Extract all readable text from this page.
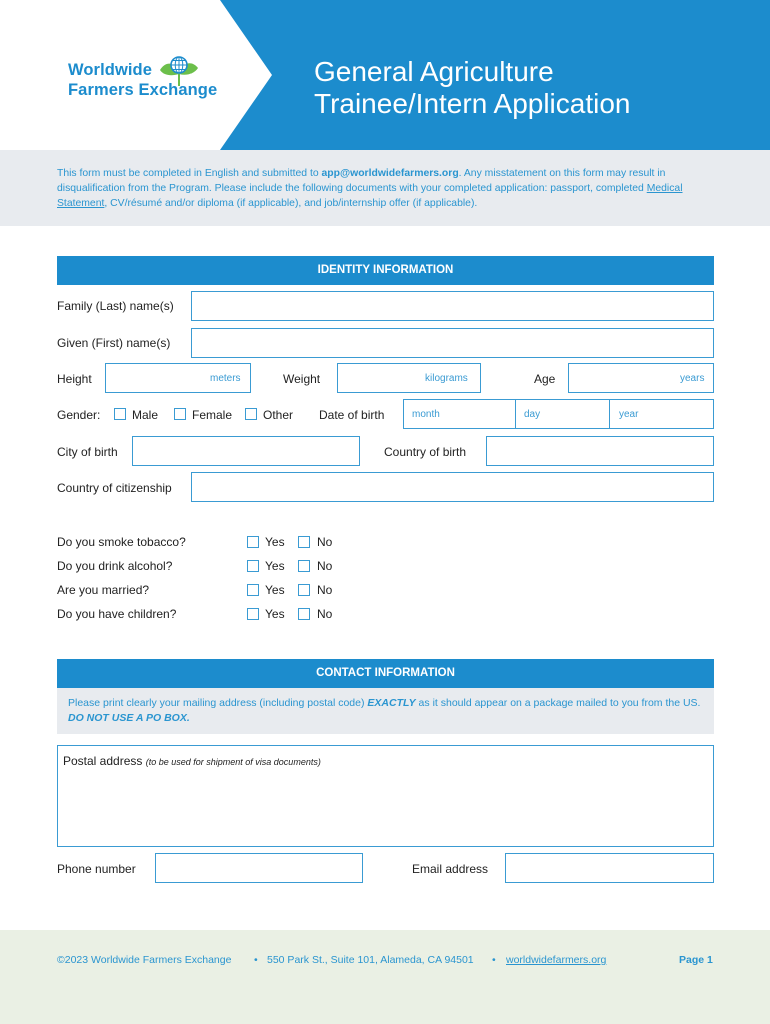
Worldwide
Farmers Exchange
General Agriculture
Trainee/Intern Application

This form must be completed in English and submitted to app@worldwidefarmers.org. Any misstatement on this form may result in disqualification from the Program. Please include the following documents with your completed application: passport, completed Medical Statement, CV/résumé and/or diploma (if applicable), and job/internship offer (if applicable).

IDENTITY INFORMATION
Family (Last) name(s)
Given (First) name(s)
Height	meters	Weight	kilograms	Age	years
Gender:	Male	Female	Other Date of birth	month	day	year
City of birth	Country of birth
Country of citizenship
Do you smoke tobacco?	Yes	No
Do you drink alcohol?	Yes	No
Are you married?	Yes	No
Do you have children?	Yes	No
CONTACT INFORMATION

Please print clearly your mailing address (including postal code) EXACTLY as it should appear on a package mailed to you from the US. DO NOT USE A PO BOX.

Postal address (to be used for shipment of visa documents)
Phone number	Email address
©2023 Worldwide Farmers Exchange • 550 Park St., Suite 101, Alameda, CA 94501 • worldwidefarmers.org	Page 1
